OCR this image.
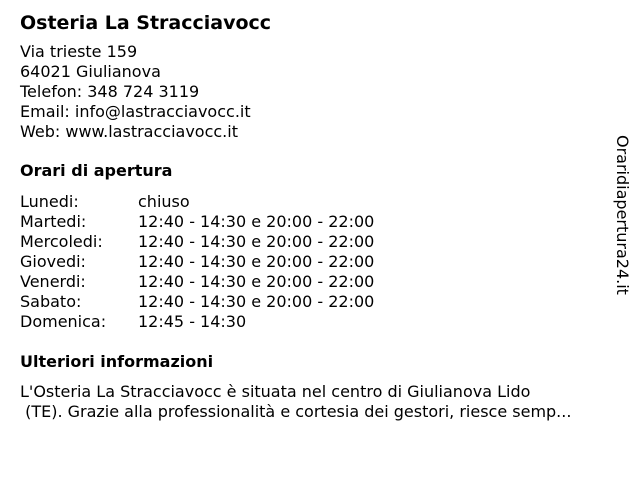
Osteria La Stracciavocc
Via trieste 159
64021 Giulianova
Telefon: 348 724 3119
Email: info@lastracciavocc.it
Web: www.lastracciavocc.it
Orari di apertura
Lunedi:	chiuso
Martedi:	12:40 - 14:30 e 20:00 - 22:00
Mercoledi:	12:40 - 14:30 e 20:00 - 22:00
Giovedi:	12:40 - 14:30 e 20:00 - 22:00
Venerdi:	12:40 - 14:30 e 20:00 - 22:00
Sabato:	12:40 - 14:30 e 20:00 - 22:00
Domenica:	12:45 - 14:30
Ulteriori informazioni
L'Osteria La Stracciavocc è situata nel centro di Giulianova Lido
(TE). Grazie alla professionalità e cortesia dei gestori, riesce semp...
Oraridiapertura24.it
